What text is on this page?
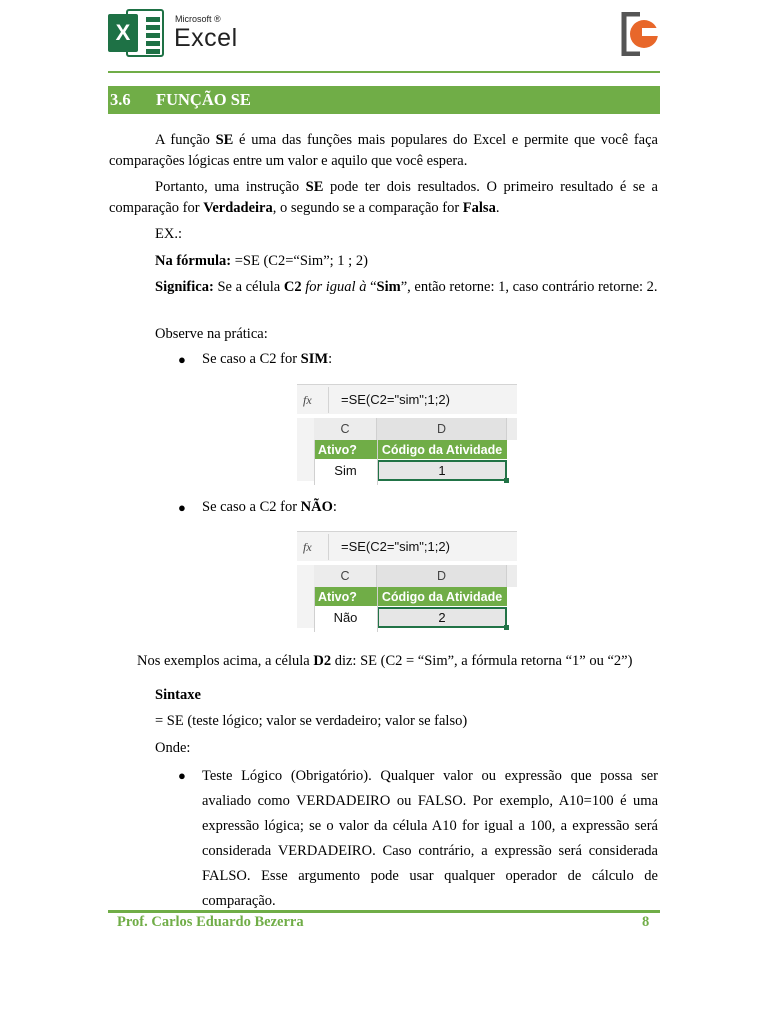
X
Microsoft ®
Excel
3.6	FUNÇÃO SE
A função SE é uma das funções mais populares do Excel e permite que você faça comparações lógicas entre um valor e aquilo que você espera.
Portanto, uma instrução SE pode ter dois resultados. O primeiro resultado é se a comparação for Verdadeira, o segundo se a comparação for Falsa.
EX.:
Na fórmula: =SE (C2=“Sim”; 1 ; 2)
Significa: Se a célula C2 for igual à “Sim”, então retorne: 1, caso contrário retorne: 2.
Observe na prática:
● Se caso a C2 for SIM:
fx =SE(C2="sim";1;2)
C	D
Ativo?	Código da Atividade
Sim	1
● Se caso a C2 for NÃO:
fx =SE(C2="sim";1;2)
C	D
Ativo?	Código da Atividade
Não	2
Nos exemplos acima, a célula D2 diz: SE (C2 = “Sim”, a fórmula retorna “1” ou “2”)
Sintaxe
= SE (teste lógico; valor se verdadeiro; valor se falso)
Onde:
● Teste Lógico (Obrigatório). Qualquer valor ou expressão que possa ser
avaliado como VERDADEIRO ou FALSO. Por exemplo, A10=100 é uma
expressão lógica; se o valor da célula A10 for igual a 100, a expressão será
considerada VERDADEIRO. Caso contrário, a expressão será considerada
FALSO. Esse argumento pode usar qualquer operador de cálculo de
comparação.
Prof. Carlos Eduardo Bezerra	8
